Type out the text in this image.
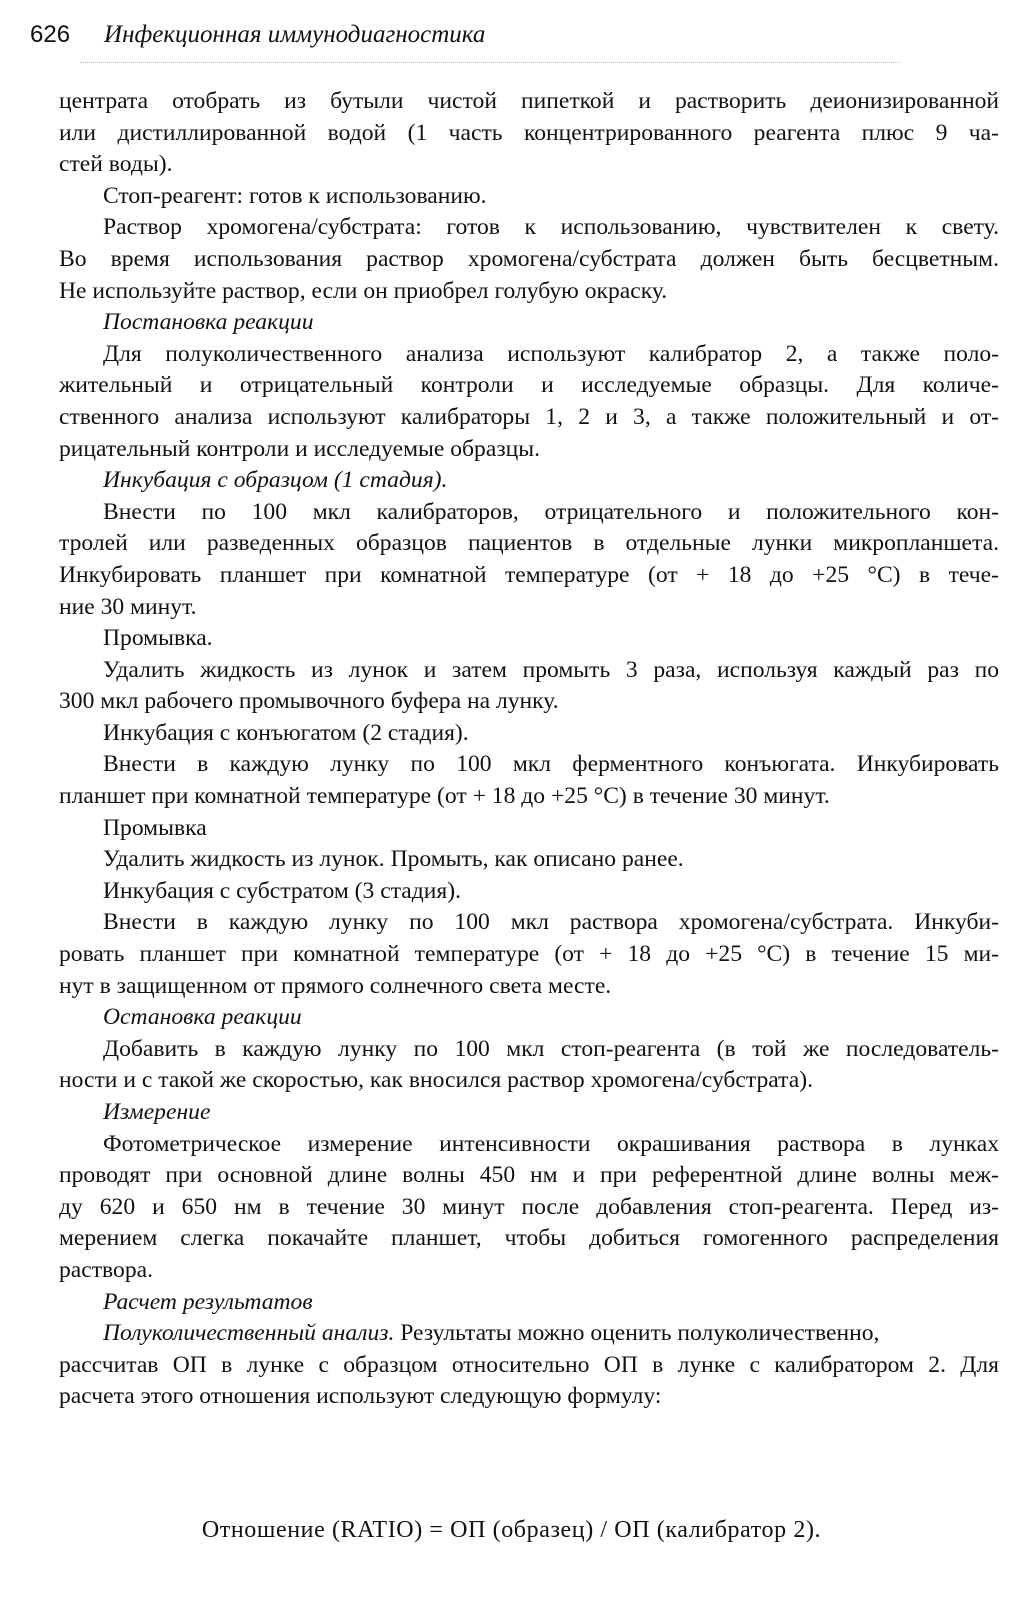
626 Инфекционная иммунодиагностика
центрата отобрать из бутыли чистой пипеткой и растворить деионизированной
или дистиллированной водой (1 часть концентрированного реагента плюс 9 ча-
стей воды).
Стоп-реагент: готов к использованию.
Раствор хромогена/субстрата: готов к использованию, чувствителен к свету.
Во время использования раствор хромогена/субстрата должен быть бесцветным.
Не используйте раствор, если он приобрел голубую окраску.
Постановка реакции
Для полуколичественного анализа используют калибратор 2, а также поло-
жительный и отрицательный контроли и исследуемые образцы. Для количе-
ственного анализа используют калибраторы 1, 2 и 3, а также положительный и от-
рицательный контроли и исследуемые образцы.
Инкубация с образцом (1 стадия).
Внести по 100 мкл калибраторов, отрицательного и положительного кон-
тролей или разведенных образцов пациентов в отдельные лунки микропланшета.
Инкубировать планшет при комнатной температуре (от + 18 до +25 °С) в тече-
ние 30 минут.
Промывка.
Удалить жидкость из лунок и затем промыть 3 раза, используя каждый раз по
300 мкл рабочего промывочного буфера на лунку.
Инкубация с конъюгатом (2 стадия).
Внести в каждую лунку по 100 мкл ферментного конъюгата. Инкубировать
планшет при комнатной температуре (от + 18 до +25 °С) в течение 30 минут.
Промывка
Удалить жидкость из лунок. Промыть, как описано ранее.
Инкубация с субстратом (3 стадия).
Внести в каждую лунку по 100 мкл раствора хромогена/субстрата. Инкуби-
ровать планшет при комнатной температуре (от + 18 до +25 °С) в течение 15 ми-
нут в защищенном от прямого солнечного света месте.
Остановка реакции
Добавить в каждую лунку по 100 мкл стоп-реагента (в той же последователь-
ности и с такой же скоростью, как вносился раствор хромогена/субстрата).
Измерение
Фотометрическое измерение интенсивности окрашивания раствора в лунках
проводят при основной длине волны 450 нм и при референтной длине волны меж-
ду 620 и 650 нм в течение 30 минут после добавления стоп-реагента. Перед из-
мерением слегка покачайте планшет, чтобы добиться гомогенного распределения
раствора.
Расчет результатов
Полуколичественный анализ. Результаты можно оценить полуколичественно,
рассчитав ОП в лунке с образцом относительно ОП в лунке с калибратором 2. Для
расчета этого отношения используют следующую формулу:
Отношение (RATIO) = ОП (образец) / ОП (калибратор 2).
